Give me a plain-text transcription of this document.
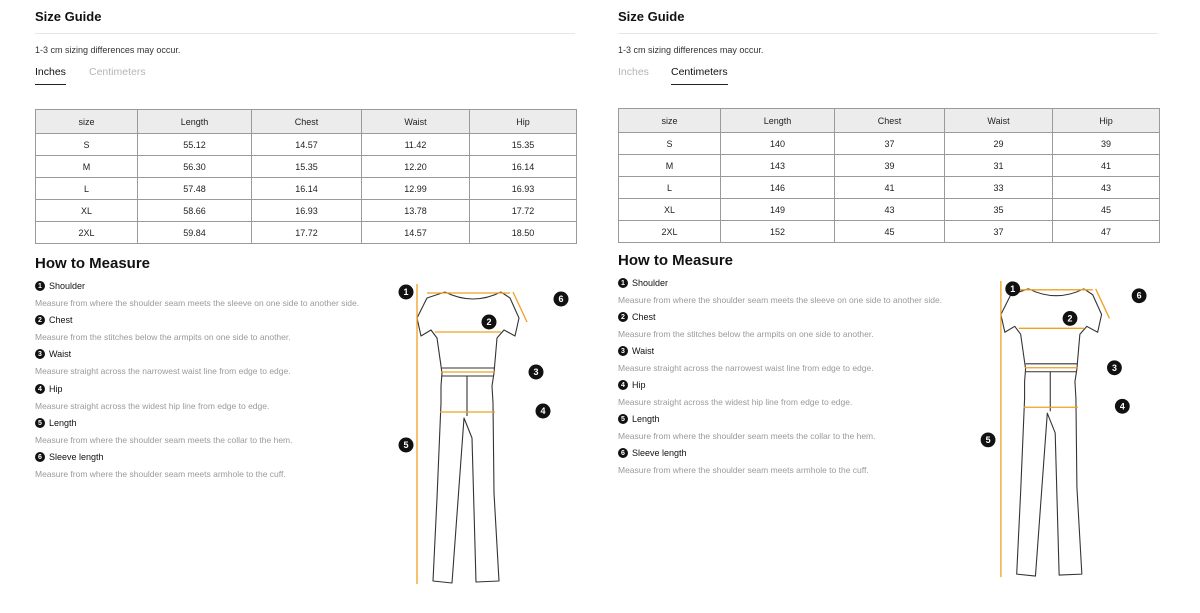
Size Guide
1-3 cm sizing differences may occur.
Inches Centimeters
size	Length	Chest	Waist	Hip
S	55.12	14.57	11.42	15.35
M	56.30	15.35	12.20	16.14
L	57.48	16.14	12.99	16.93
XL	58.66	16.93	13.78	17.72
2XL	59.84	17.72	14.57	18.50
How to Measure
1 Shoulder
Measure from where the shoulder seam meets the sleeve on one side to another side.
2 Chest
Measure from the stitches below the armpits on one side to another.
3 Waist
Measure straight across the narrowest waist line from edge to edge.
4 Hip
Measure straight across the widest hip line from edge to edge.
5 Length
Measure from where the shoulder seam meets the collar to the hem.
6 Sleeve length
Measure from where the shoulder seam meets armhole to the cuff.
1
2
3
4
5
6
Size Guide
1-3 cm sizing differences may occur.
Inches Centimeters
size	Length	Chest	Waist	Hip
S	140	37	29	39
M	143	39	31	41
L	146	41	33	43
XL	149	43	35	45
2XL	152	45	37	47
How to Measure
1 Shoulder
Measure from where the shoulder seam meets the sleeve on one side to another side.
2 Chest
Measure from the stitches below the armpits on one side to another.
3 Waist
Measure straight across the narrowest waist line from edge to edge.
4 Hip
Measure straight across the widest hip line from edge to edge.
5 Length
Measure from where the shoulder seam meets the collar to the hem.
6 Sleeve length
Measure from where the shoulder seam meets armhole to the cuff.
1
2
3
4
5
6
